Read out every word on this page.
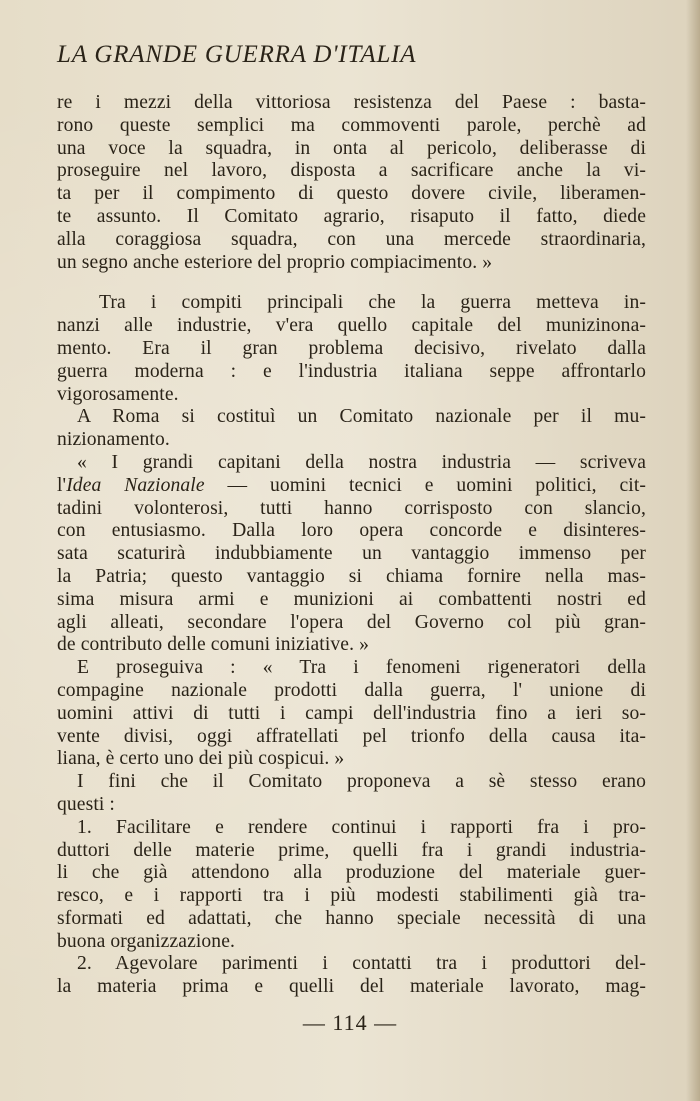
LA GRANDE GUERRA D'ITALIA
re i mezzi della vittoriosa resistenza del Paese : basta-
rono queste semplici ma commoventi parole, perchè ad
una voce la squadra, in onta al pericolo, deliberasse di
proseguire nel lavoro, disposta a sacrificare anche la vi-
ta per il compimento di questo dovere civile, liberamen-
te assunto. Il Comitato agrario, risaputo il fatto, diede
alla coraggiosa squadra, con una mercede straordinaria,
un segno anche esteriore del proprio compiacimento. »
Tra i compiti principali che la guerra metteva in-
nanzi alle industrie, v'era quello capitale del munizinona-
mento. Era il gran problema decisivo, rivelato dalla
guerra moderna : e l'industria italiana seppe affrontarlo
vigorosamente.
A Roma si costituì un Comitato nazionale per il mu-
nizionamento.
« I grandi capitani della nostra industria — scriveva
l'Idea Nazionale — uomini tecnici e uomini politici, cit-
tadini volonterosi, tutti hanno corrisposto con slancio,
con entusiasmo. Dalla loro opera concorde e disinteres-
sata scaturirà indubbiamente un vantaggio immenso per
la Patria; questo vantaggio si chiama fornire nella mas-
sima misura armi e munizioni ai combattenti nostri ed
agli alleati, secondare l'opera del Governo col più gran-
de contributo delle comuni iniziative. »
E proseguiva : « Tra i fenomeni rigeneratori della
compagine nazionale prodotti dalla guerra, l' unione di
uomini attivi di tutti i campi dell'industria fino a ieri so-
vente divisi, oggi affratellati pel trionfo della causa ita-
liana, è certo uno dei più cospicui. »
I fini che il Comitato proponeva a sè stesso erano
questi :
1. Facilitare e rendere continui i rapporti fra i pro-
duttori delle materie prime, quelli fra i grandi industria-
li che già attendono alla produzione del materiale guer-
resco, e i rapporti tra i più modesti stabilimenti già tra-
sformati ed adattati, che hanno speciale necessità di una
buona organizzazione.
2. Agevolare parimenti i contatti tra i produttori del-
la materia prima e quelli del materiale lavorato, mag-
— 114 —
